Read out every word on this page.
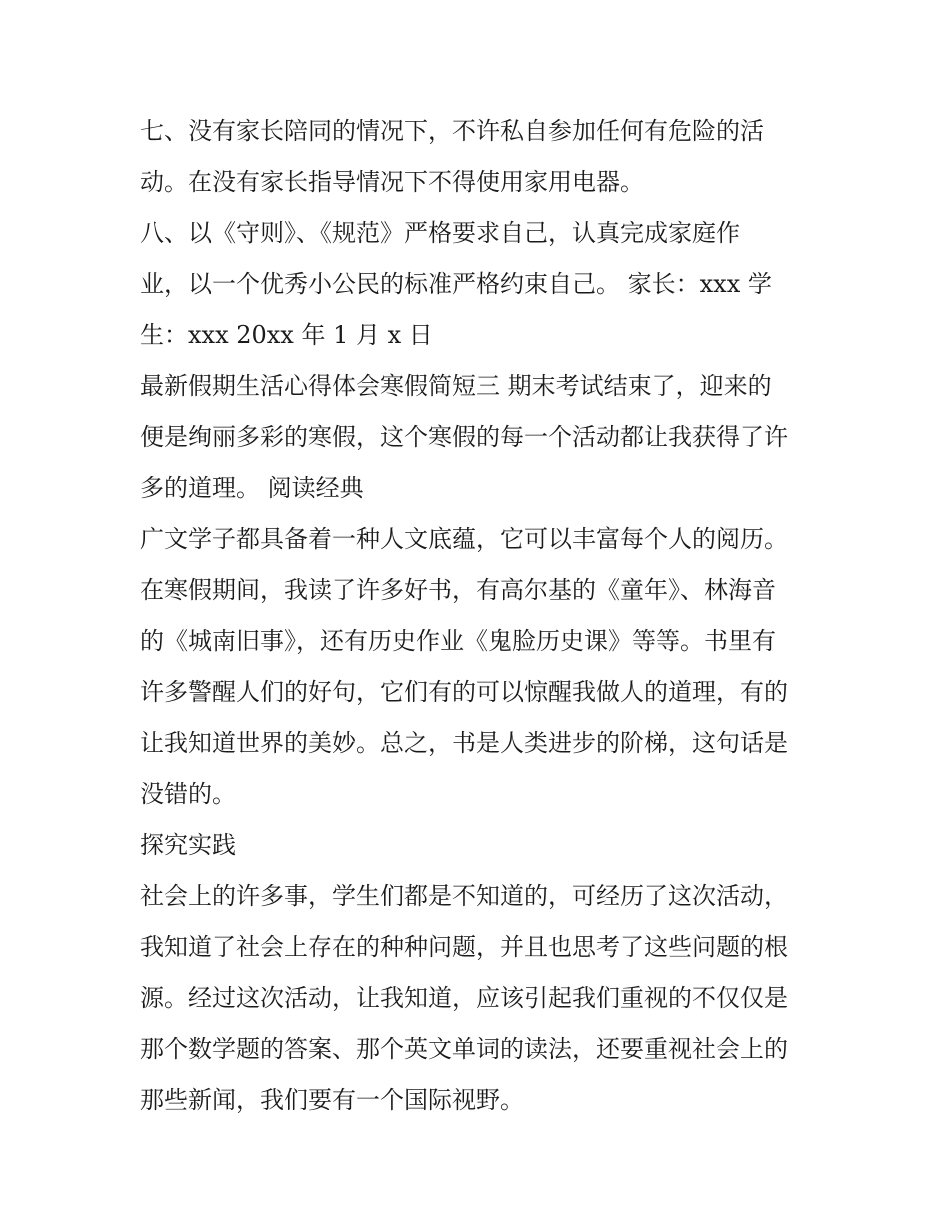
七、没有家长陪同的情况下，不许私自参加任何有危险的活
动。在没有家长指导情况下不得使用家用电器。

八、以《守则》、《规范》严格要求自己，认真完成家庭作
业，以一个优秀小公民的标准严格约束自己。 家长：xxx 学
生：xxx 20xx 年 1 月 x 日

最新假期生活心得体会寒假简短三 期末考试结束了，迎来的
便是绚丽多彩的寒假，这个寒假的每一个活动都让我获得了许
多的道理。 阅读经典

广文学子都具备着一种人文底蕴，它可以丰富每个人的阅历。
在寒假期间，我读了许多好书，有高尔基的《童年》、林海音
的《城南旧事》，还有历史作业《鬼脸历史课》等等。书里有
许多警醒人们的好句，它们有的可以惊醒我做人的道理，有的
让我知道世界的美妙。总之，书是人类进步的阶梯，这句话是
没错的。

探究实践

社会上的许多事，学生们都是不知道的，可经历了这次活动，
我知道了社会上存在的种种问题，并且也思考了这些问题的根
源。经过这次活动，让我知道，应该引起我们重视的不仅仅是
那个数学题的答案、那个英文单词的读法，还要重视社会上的
那些新闻，我们要有一个国际视野。
